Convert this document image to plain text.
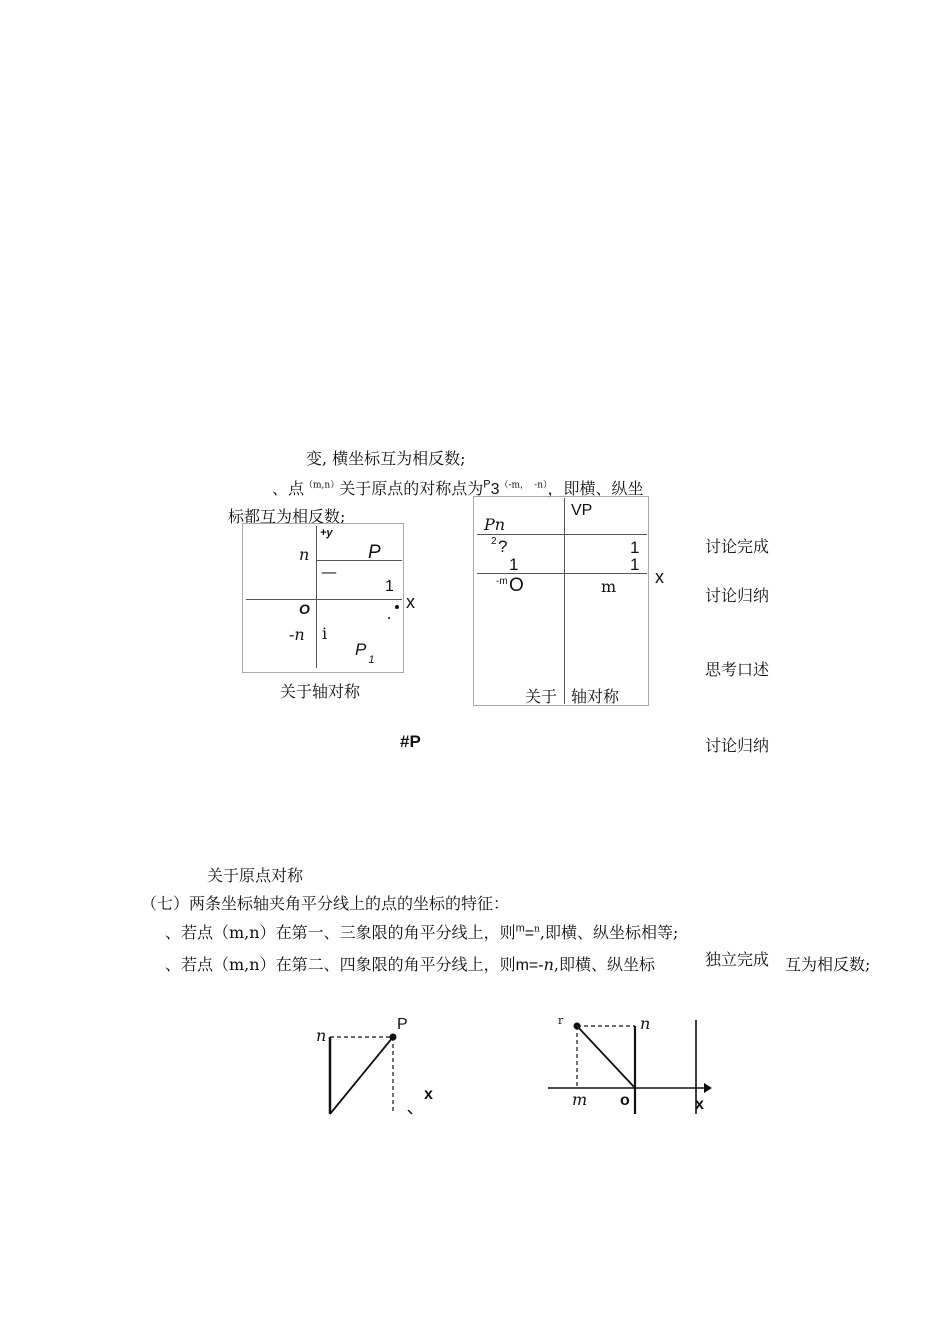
变, 横坐标互为相反数;
、点$^{(m,n)}$关于原点的对称点为$^P3^{(-m,}$ $^{-n)}$，即横、纵坐
标都互为相反数;
+y
n	P
—
1
x
O
-n i
$P_1$
关于轴对称
VP
Pn
2 ?
1
1
1
x
-m O	m
关于 轴对称
讨论完成
讨论归纳
思考口述
讨论归纳
#P
关于原点对称
（七）两条坐标轴夹角平分线上的点的坐标的特征：
、若点（m,n）在第一、三象限的角平分线上，则$^m$=$^n$,即横、纵坐标相等;
、若点（m,n）在第二、四象限的角平分线上，则m=-n,即横、纵坐标	独立完成 互为相反数;
n
P
x
r	n
m o	x
